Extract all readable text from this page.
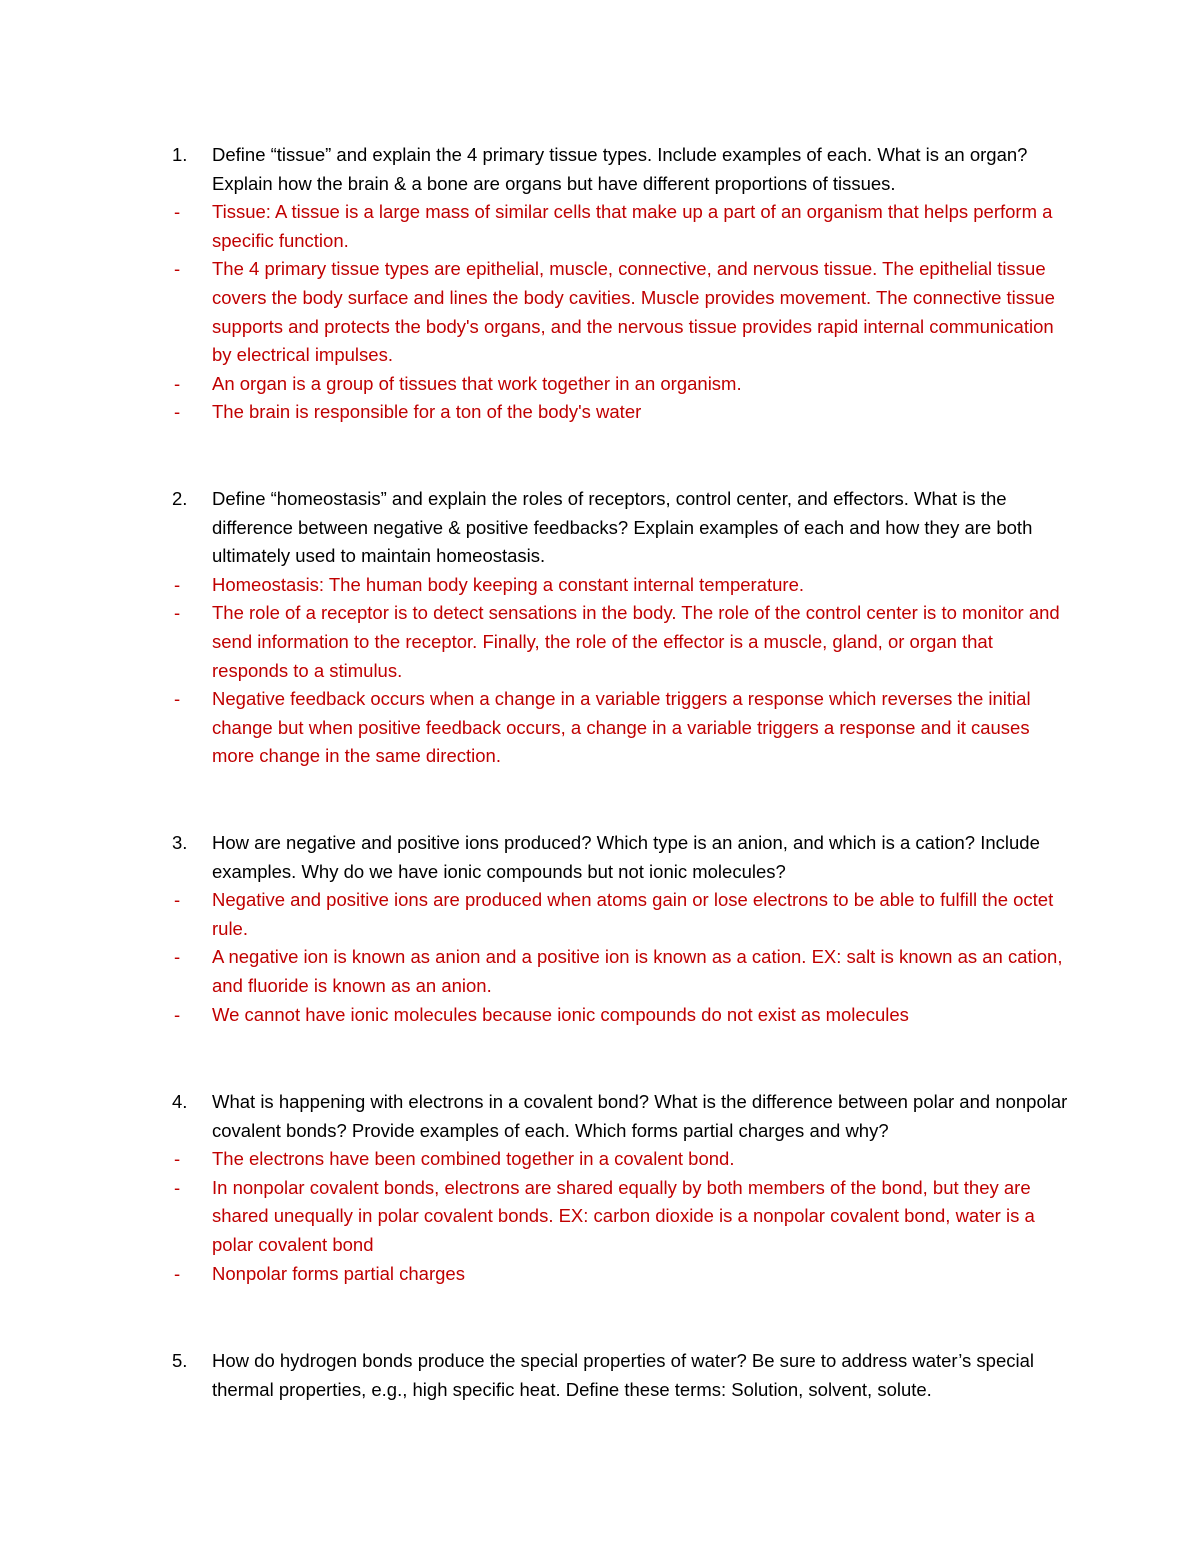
1.	Define “tissue” and explain the 4 primary tissue types. Include examples of each. What is an organ? Explain how the brain & a bone are organs but have different proportions of tissues.
- Tissue: A tissue is a large mass of similar cells that make up a part of an organism that helps perform a specific function.
- The 4 primary tissue types are epithelial, muscle, connective, and nervous tissue. The epithelial tissue covers the body surface and lines the body cavities. Muscle provides movement. The connective tissue supports and protects the body's organs, and the nervous tissue provides rapid internal communication by electrical impulses.
- An organ is a group of tissues that work together in an organism.
- The brain is responsible for a ton of the body's water
2.	Define “homeostasis” and explain the roles of receptors, control center, and effectors. What is the difference between negative & positive feedbacks? Explain examples of each and how they are both ultimately used to maintain homeostasis.
- Homeostasis: The human body keeping a constant internal temperature.
- The role of a receptor is to detect sensations in the body. The role of the control center is to monitor and send information to the receptor. Finally, the role of the effector is a muscle, gland, or organ that responds to a stimulus.
- Negative feedback occurs when a change in a variable triggers a response which reverses the initial change but when positive feedback occurs, a change in a variable triggers a response and it causes more change in the same direction.
3.	How are negative and positive ions produced? Which type is an anion, and which is a cation? Include examples. Why do we have ionic compounds but not ionic molecules?
- Negative and positive ions are produced when atoms gain or lose electrons to be able to fulfill the octet rule.
- A negative ion is known as anion and a positive ion is known as a cation. EX: salt is known as an cation, and fluoride is known as an anion.
- We cannot have ionic molecules because ionic compounds do not exist as molecules
4.	What is happening with electrons in a covalent bond? What is the difference between polar and nonpolar covalent bonds? Provide examples of each. Which forms partial charges and why?
- The electrons have been combined together in a covalent bond.
- In nonpolar covalent bonds, electrons are shared equally by both members of the bond, but they are shared unequally in polar covalent bonds. EX: carbon dioxide is a nonpolar covalent bond, water is a polar covalent bond
- Nonpolar forms partial charges
5.	How do hydrogen bonds produce the special properties of water? Be sure to address water’s special thermal properties, e.g., high specific heat. Define these terms: Solution, solvent, solute.
